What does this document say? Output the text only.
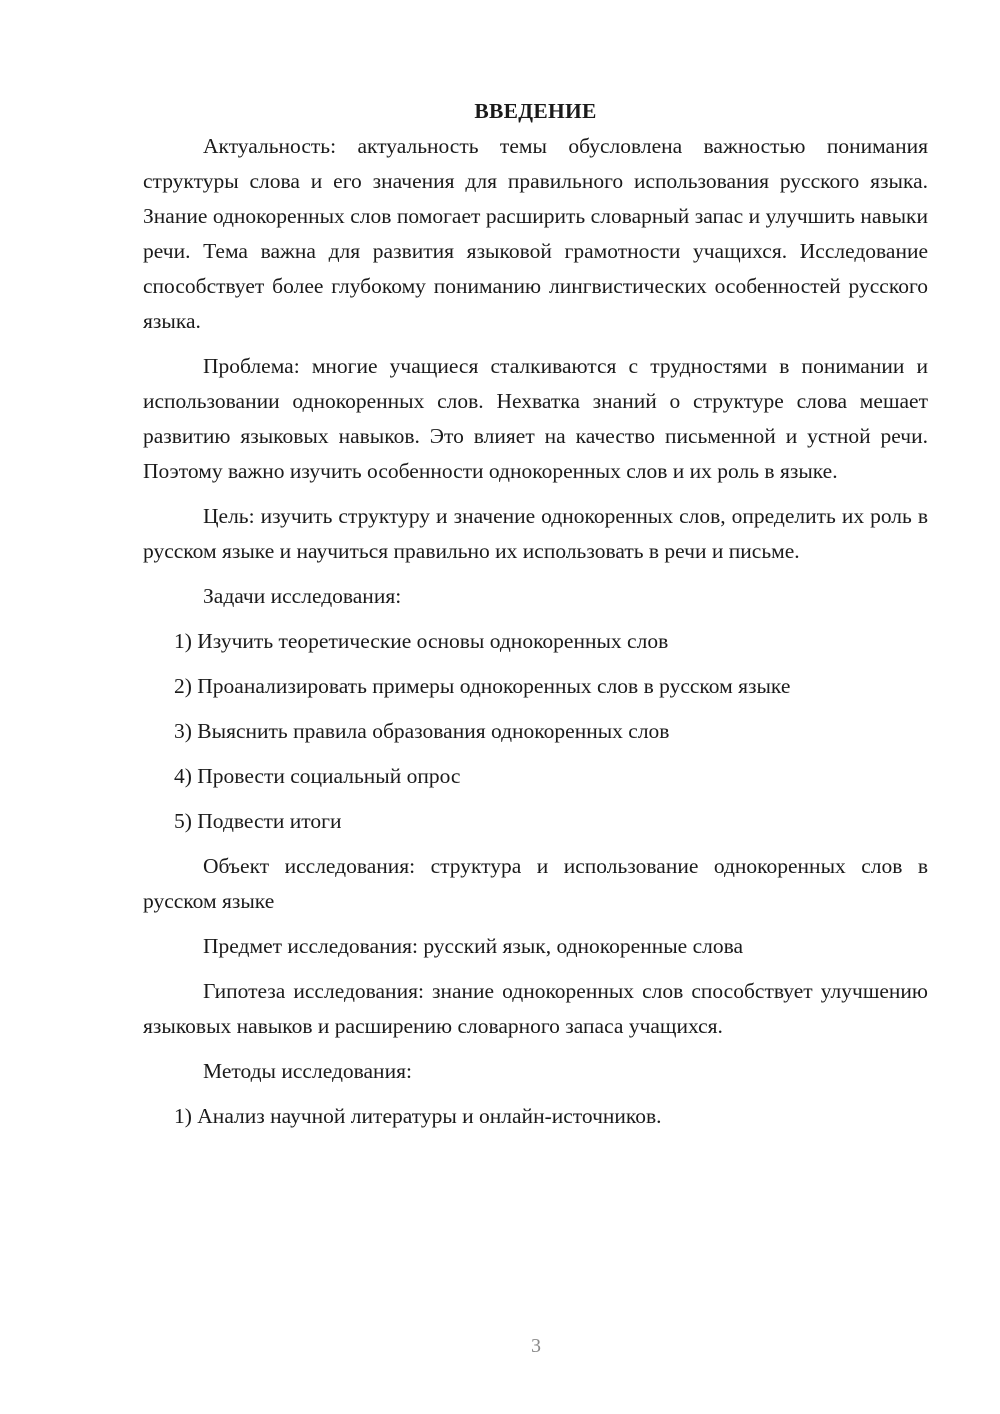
ВВЕДЕНИЕ

Актуальность: актуальность темы обусловлена важностью понимания структуры слова и его значения для правильного использования русского языка. Знание однокоренных слов помогает расширить словарный запас и улучшить навыки речи. Тема важна для развития языковой грамотности учащихся. Исследование способствует более глубокому пониманию лингвистических особенностей русского языка.

Проблема: многие учащиеся сталкиваются с трудностями в понимании и использовании однокоренных слов. Нехватка знаний о структуре слова мешает развитию языковых навыков. Это влияет на качество письменной и устной речи. Поэтому важно изучить особенности однокоренных слов и их роль в языке.

Цель: изучить структуру и значение однокоренных слов, определить их роль в русском языке и научиться правильно их использовать в речи и письме.

Задачи исследования:

1) Изучить теоретические основы однокоренных слов

2) Проанализировать примеры однокоренных слов в русском языке

3) Выяснить правила образования однокоренных слов

4) Провести социальный опрос

5) Подвести итоги

Объект исследования: структура и использование однокоренных слов в русском языке

Предмет исследования: русский язык, однокоренные слова

Гипотеза исследования: знание однокоренных слов способствует улучшению языковых навыков и расширению словарного запаса учащихся.

Методы исследования:

1) Анализ научной литературы и онлайн-источников.

3
